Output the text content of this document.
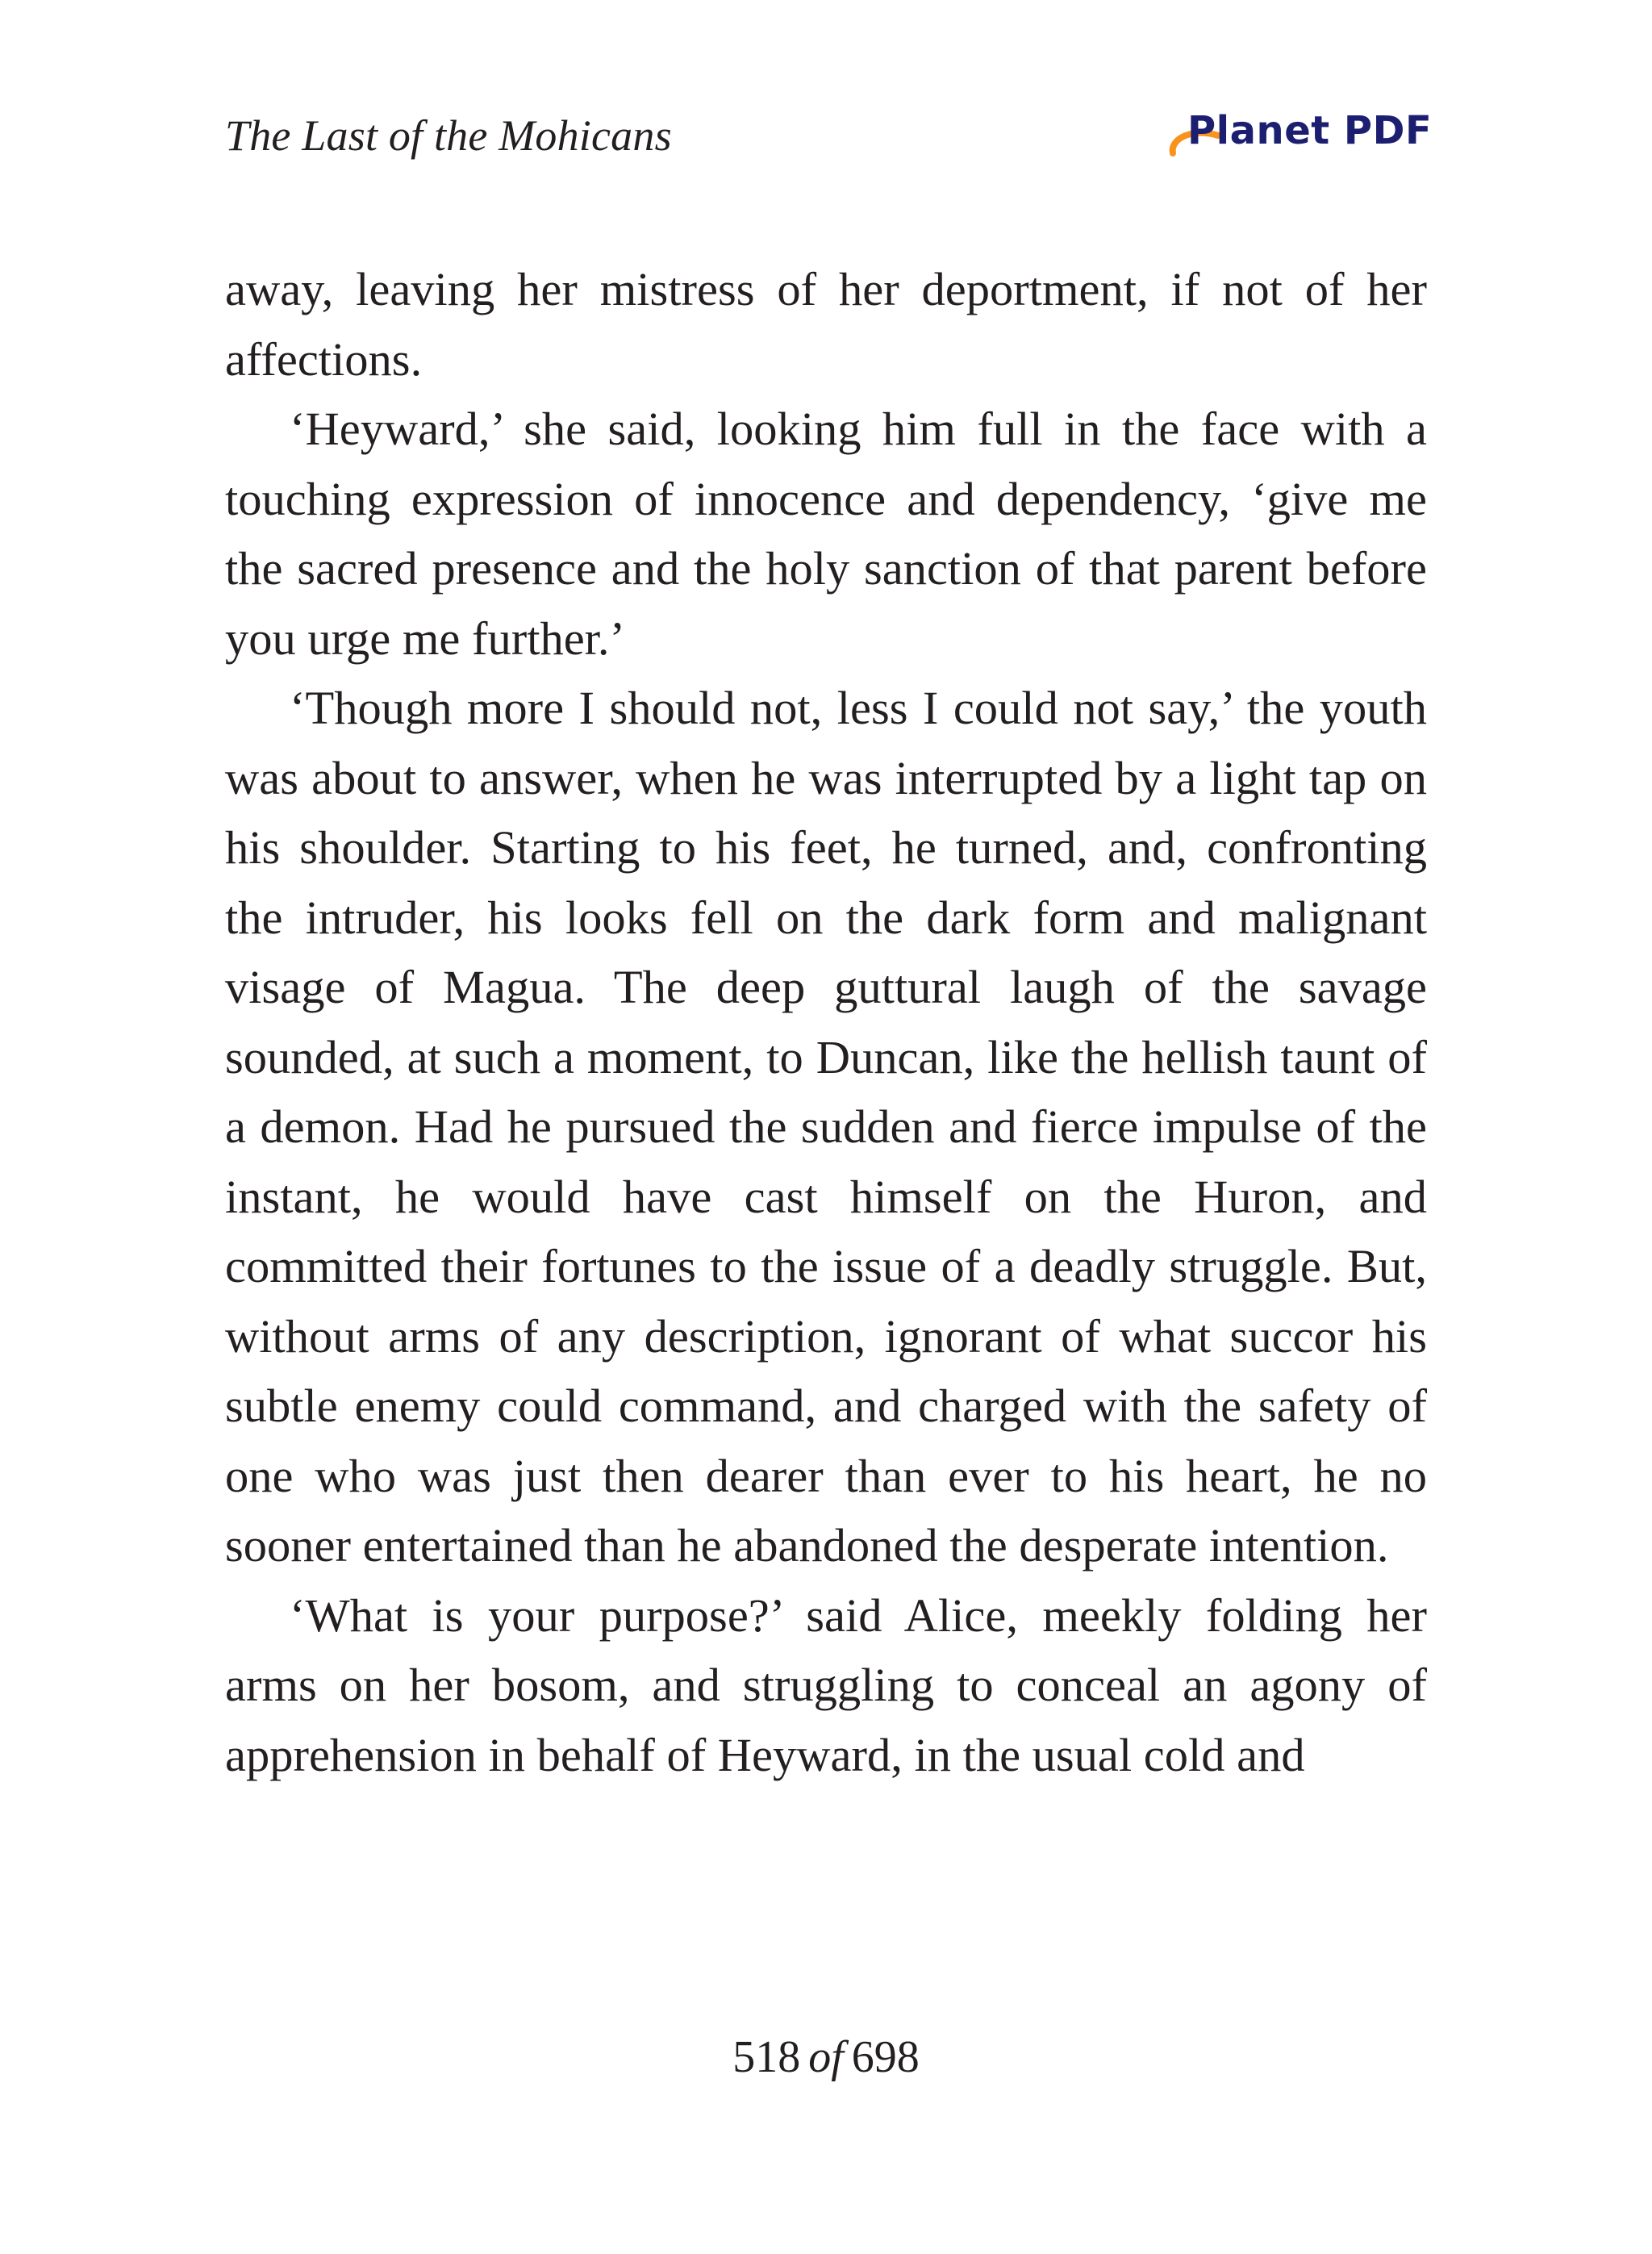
The Last of the Mohicans	Planet PDF

away, leaving her mistress of her deportment, if not of her affections.

‘Heyward,’ she said, looking him full in the face with a touching expression of innocence and dependency, ‘give me the sacred presence and the holy sanction of that parent before you urge me further.’

‘Though more I should not, less I could not say,’ the youth was about to answer, when he was interrupted by a light tap on his shoulder. Starting to his feet, he turned, and, confronting the intruder, his looks fell on the dark form and malignant visage of Magua. The deep guttural laugh of the savage sounded, at such a moment, to Duncan, like the hellish taunt of a demon. Had he pursued the sudden and fierce impulse of the instant, he would have cast himself on the Huron, and committed their fortunes to the issue of a deadly struggle. But, without arms of any description, ignorant of what succor his subtle enemy could command, and charged with the safety of one who was just then dearer than ever to his heart, he no sooner entertained than he abandoned the desperate intention.

‘What is your purpose?’ said Alice, meekly folding her arms on her bosom, and struggling to conceal an agony of apprehension in behalf of Heyward, in the usual cold and

518 of 698
